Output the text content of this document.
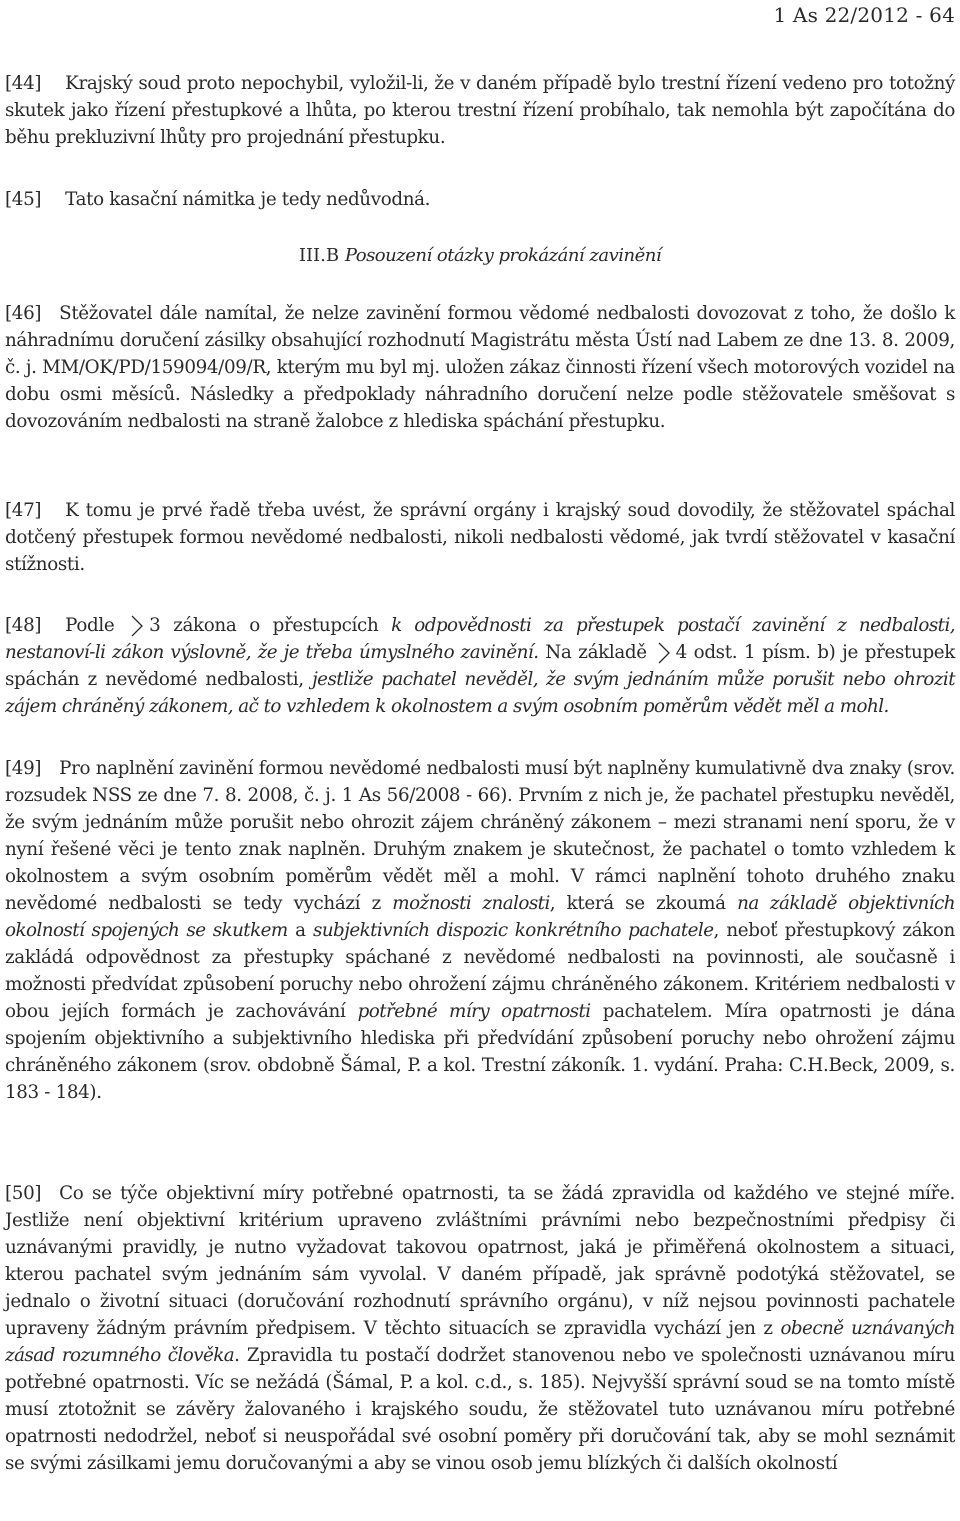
1 As 22/2012 - 64
[44] Krajský soud proto nepochybil, vyložil-li, že v daném případě bylo trestní řízení vedeno pro totožný skutek jako řízení přestupkové a lhůta, po kterou trestní řízení probíhalo, tak nemohla být započítána do běhu prekluzivní lhůty pro projednání přestupku.
[45] Tato kasační námitka je tedy nedůvodná.
III.B Posouzení otázky prokázání zavinění
[46] Stěžovatel dále namítal, že nelze zavinění formou vědomé nedbalosti dovozovat z toho, že došlo k náhradnímu doručení zásilky obsahující rozhodnutí Magistrátu města Ústí nad Labem ze dne 13. 8. 2009, č. j. MM/OK/PD/159094/09/R, kterým mu byl mj. uložen zákaz činnosti řízení všech motorových vozidel na dobu osmi měsíců. Následky a předpoklady náhradního doručení nelze podle stěžovatele směšovat s dovozováním nedbalosti na straně žalobce z hlediska spáchání přestupku.
[47] K tomu je prvé řadě třeba uvést, že správní orgány i krajský soud dovodily, že stěžovatel spáchal dotčený přestupek formou nevědomé nedbalosti, nikoli nedbalosti vědomé, jak tvrdí stěžovatel v kasační stížnosti.
[48] Podle 3 zákona o přestupcích k odpovědnosti za přestupek postačí zavinění z nedbalosti, nestanoví-li zákon výslovně, že je třeba úmyslného zavinění. Na základě 4 odst. 1 písm. b) je přestupek spáchán z nevědomé nedbalosti, jestliže pachatel nevěděl, že svým jednáním může porušit nebo ohrozit zájem chráněný zákonem, ač to vzhledem k okolnostem a svým osobním poměrům vědět měl a mohl.
[49] Pro naplnění zavinění formou nevědomé nedbalosti musí být naplněny kumulativně dva znaky (srov. rozsudek NSS ze dne 7. 8. 2008, č. j. 1 As 56/2008 - 66). Prvním z nich je, že pachatel přestupku nevěděl, že svým jednáním může porušit nebo ohrozit zájem chráněný zákonem – mezi stranami není sporu, že v nyní řešené věci je tento znak naplněn. Druhým znakem je skutečnost, že pachatel o tomto vzhledem k okolnostem a svým osobním poměrům vědět měl a mohl. V rámci naplnění tohoto druhého znaku nevědomé nedbalosti se tedy vychází z možnosti znalosti, která se zkoumá na základě objektivních okolností spojených se skutkem a subjektivních dispozic konkrétního pachatele, neboť přestupkový zákon zakládá odpovědnost za přestupky spáchané z nevědomé nedbalosti na povinnosti, ale současně i možnosti předvídat způsobení poruchy nebo ohrožení zájmu chráněného zákonem. Kritériem nedbalosti v obou jejích formách je zachovávání potřebné míry opatrnosti pachatelem. Míra opatrnosti je dána spojením objektivního a subjektivního hlediska při předvídání způsobení poruchy nebo ohrožení zájmu chráněného zákonem (srov. obdobně Šámal, P. a kol. Trestní zákoník. 1. vydání. Praha: C.H.Beck, 2009, s. 183 - 184).
[50] Co se týče objektivní míry potřebné opatrnosti, ta se žádá zpravidla od každého ve stejné míře. Jestliže není objektivní kritérium upraveno zvláštními právními nebo bezpečnostními předpisy či uznávanými pravidly, je nutno vyžadovat takovou opatrnost, jaká je přiměřená okolnostem a situaci, kterou pachatel svým jednáním sám vyvolal. V daném případě, jak správně podotýká stěžovatel, se jednalo o životní situaci (doručování rozhodnutí správního orgánu), v níž nejsou povinnosti pachatele upraveny žádným právním předpisem. V těchto situacích se zpravidla vychází jen z obecně uznávaných zásad rozumného člověka. Zpravidla tu postačí dodržet stanovenou nebo ve společnosti uznávanou míru potřebné opatrnosti. Víc se nežádá (Šámal, P. a kol. c.d., s. 185). Nejvyšší správní soud se na tomto místě musí ztotožnit se závěry žalovaného i krajského soudu, že stěžovatel tuto uznávanou míru potřebné opatrnosti nedodržel, neboť si neuspořádal své osobní poměry při doručování tak, aby se mohl seznámit se svými zásilkami jemu doručovanými a aby se vinou osob jemu blízkých či dalších okolností
